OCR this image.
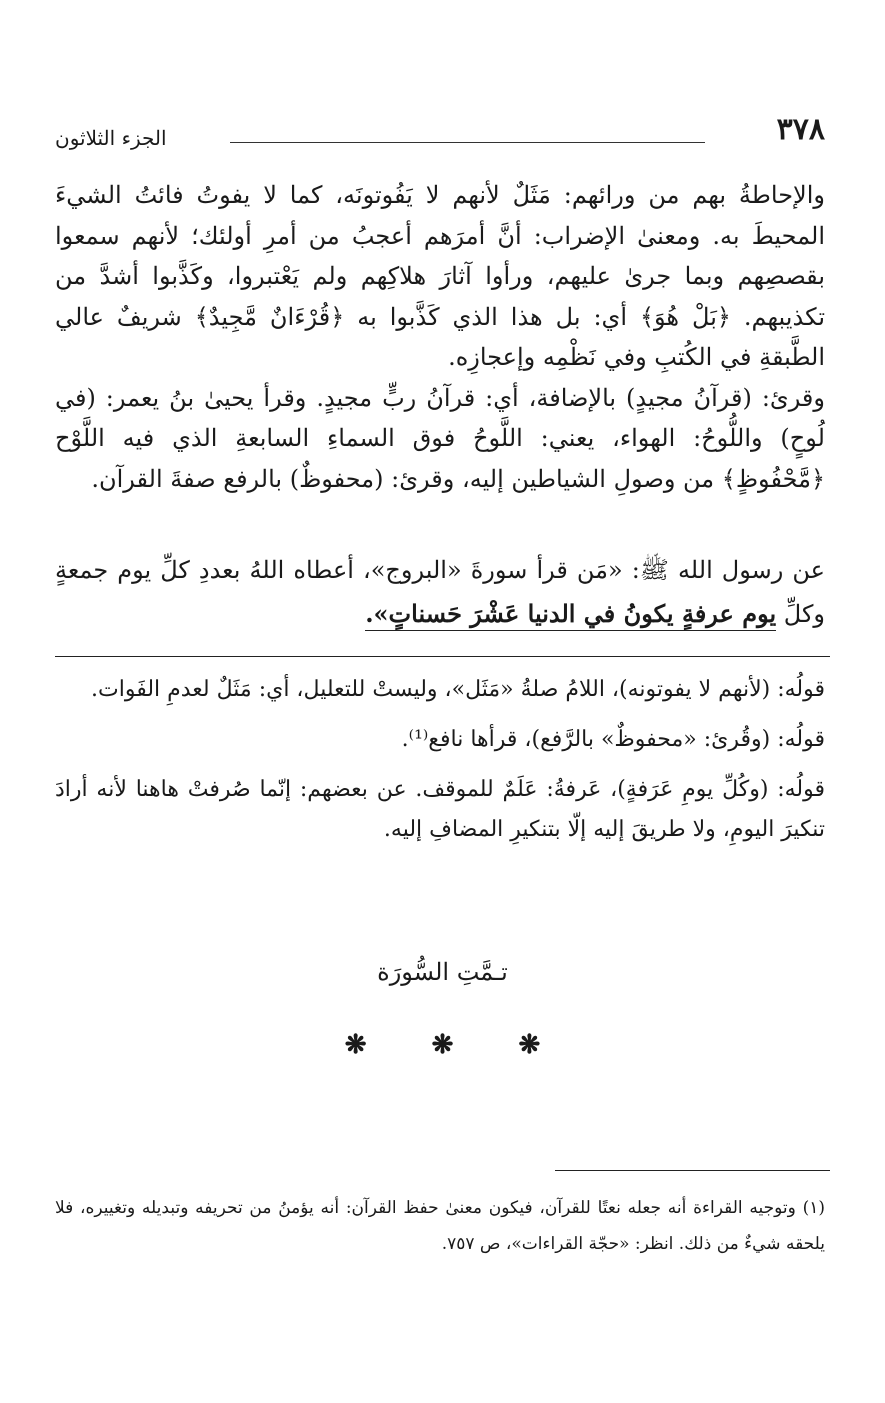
الجزء الثلاثون	٣٧٨

والإحاطةُ بهم من ورائهم: مَثَلٌ لأنهم لا يَفُوتونَه، كما لا يفوتُ فائتُ الشيءَ المحيطَ به. ومعنىٰ الإضراب: أنَّ أمرَهم أعجبُ من أمرِ أولئك؛ لأنهم سمعوا بقصصِهم وبما جرىٰ عليهم، ورأوا آثارَ هلاكِهم ولم يَعْتبروا، وكَذَّبوا أشدَّ من تكذيبهم. ﴿بَلْ هُوَ﴾ أي: بل هذا الذي كَذَّبوا به ﴿قُرْءَانٌ مَّجِيدٌ﴾ شريفٌ عالي الطَّبقةِ في الكُتبِ وفي نَظْمِه وإعجازِه.

وقرئ: (قرآنُ مجيدٍ) بالإضافة، أي: قرآنُ ربٍّ مجيدٍ. وقرأ يحيىٰ بنُ يعمر: (في لُوحٍ) واللُّوحُ: الهواء، يعني: اللَّوحُ فوق السماءِ السابعةِ الذي فيه اللَّوْح ﴿مَّحْفُوظٍ﴾ من وصولِ الشياطين إليه، وقرئ: (محفوظٌ) بالرفع صفةَ القرآن.

عن رسول الله ﷺ: «مَن قرأ سورةَ «البروج»، أعطاه اللهُ بعددِ كلِّ يوم جمعةٍ وكلِّ يوم عرفةٍ يكونُ في الدنيا عَشْرَ حَسناتٍ».

قولُه: (لأنهم لا يفوتونه)، اللامُ صلةُ «مَثَل»، وليستْ للتعليل، أي: مَثَلٌ لعدمِ الفَوات.

قولُه: (وقُرئ: «محفوظٌ» بالرَّفع)، قرأها نافع⁽¹⁾.

قولُه: (وكُلِّ يومِ عَرَفةٍ)، عَرفةُ: عَلَمٌ للموقف. عن بعضهم: إنّما صُرفتْ هاهنا لأنه أرادَ تنكيرَ اليومِ، ولا طريقَ إليه إلّا بتنكيرِ المضافِ إليه.

تـمَّتِ السُّورَة
❋	❋	❋

(١) وتوجيه القراءة أنه جعله نعتًا للقرآن، فيكون معنىٰ حفظ القرآن: أنه يؤمنُ من تحريفه وتبديله وتغييره، فلا يلحقه شيءٌ من ذلك. انظر: «حجّة القراءات»، ص ٧٥٧.
